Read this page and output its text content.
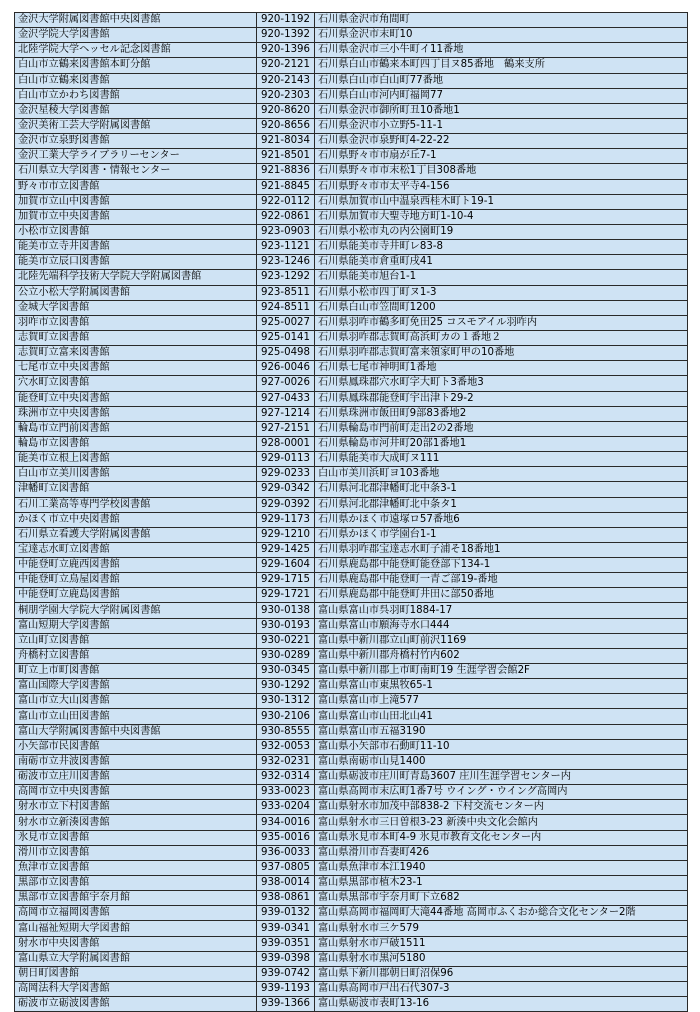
金沢大学附属図書館中央図書館	920-1192	石川県金沢市角間町
金沢学院大学図書館	920-1392	石川県金沢市末町10
北陸学院大学ヘッセル記念図書館	920-1396	石川県金沢市三小牛町イ11番地
白山市立鶴来図書館本町分館	920-2121	石川県白山市鶴来本町四丁目ヌ85番地　鶴来支所
白山市立鶴来図書館	920-2143	石川県白山市白山町77番地
白山市立かわち図書館	920-2303	石川県白山市河内町福岡77
金沢星稜大学図書館	920-8620	石川県金沢市御所町丑10番地1
金沢美術工芸大学附属図書館	920-8656	石川県金沢市小立野5-11-1
金沢市立泉野図書館	921-8034	石川県金沢市泉野町4-22-22
金沢工業大学ライブラリーセンター	921-8501	石川県野々市市扇が丘7-1
石川県立大学図書・情報センター	921-8836	石川県野々市市末松1丁目308番地
野々市市立図書館	921-8845	石川県野々市市太平寺4-156
加賀市立山中図書館	922-0112	石川県加賀市山中温泉西桂木町ト19-1
加賀市立中央図書館	922-0861	石川県加賀市大聖寺地方町1-10-4
小松市立図書館	923-0903	石川県小松市丸の内公園町19
能美市立寺井図書館	923-1121	石川県能美市寺井町レ83-8
能美市立辰口図書館	923-1246	石川県能美市倉重町戌41
北陸先端科学技術大学院大学附属図書館	923-1292	石川県能美市旭台1-1
公立小松大学附属図書館	923-8511	石川県小松市四丁町ヌ1-3
金城大学図書館	924-8511	石川県白山市笠間町1200
羽咋市立図書館	925-0027	石川県羽咋市鶴多町免田25 コスモアイル羽咋内
志賀町立図書館	925-0141	石川県羽咋郡志賀町高浜町カの１番地２
志賀町立富来図書館	925-0498	石川県羽咋郡志賀町富来領家町甲の10番地
七尾市立中央図書館	926-0046	石川県七尾市神明町1番地
穴水町立図書館	927-0026	石川県鳳珠郡穴水町字大町ト3番地3
能登町立中央図書館	927-0433	石川県鳳珠郡能登町宇出津ト29-2
珠洲市立中央図書館	927-1214	石川県珠洲市飯田町9部83番地2
輪島市立門前図書館	927-2151	石川県輪島市門前町走出2の2番地
輪島市立図書館	928-0001	石川県輪島市河井町20部1番地1
能美市立根上図書館	929-0113	石川県能美市大成町ヌ111
白山市立美川図書館	929-0233	白山市美川浜町ヨ103番地
津幡町立図書館	929-0342	石川県河北郡津幡町北中条3-1
石川工業高等専門学校図書館	929-0392	石川県河北郡津幡町北中条タ1
かほく市立中央図書館	929-1173	石川県かほく市遠塚ロ57番地6
石川県立看護大学附属図書館	929-1210	石川県かほく市学園台1-1
宝達志水町立図書館	929-1425	石川県羽咋郡宝達志水町子浦そ18番地1
中能登町立鹿西図書館	929-1604	石川県鹿島郡中能登町能登部下134-1
中能登町立鳥屋図書館	929-1715	石川県鹿島郡中能登町一青ご部19-番地
中能登町立鹿島図書館	929-1721	石川県鹿島郡中能登町井田に部50番地
桐朋学園大学院大学附属図書館	930-0138	富山県富山市呉羽町1884-17
富山短期大学図書館	930-0193	富山県富山市願海寺水口444
立山町立図書館	930-0221	富山県中新川郡立山町前沢1169
舟橋村立図書館	930-0289	富山県中新川郡舟橋村竹内602
町立上市町図書館	930-0345	富山県中新川郡上市町南町19 生涯学習会館2F
富山国際大学図書館	930-1292	富山県富山市東黒牧65-1
富山市立大山図書館	930-1312	富山県富山市上滝577
富山市立山田図書館	930-2106	富山県富山市山田北山41
富山大学附属図書館中央図書館	930-8555	富山県富山市五福3190
小矢部市民図書館	932-0053	富山県小矢部市石動町11-10
南砺市立井波図書館	932-0231	富山県南砺市山見1400
砺波市立庄川図書館	932-0314	富山県砺波市庄川町青島3607 庄川生涯学習センター内
高岡市立中央図書館	933-0023	富山県高岡市末広町1番7号 ウイング・ウイング高岡内
射水市立下村図書館	933-0204	富山県射水市加茂中部838-2 下村交流センター内
射水市立新湊図書館	934-0016	富山県射水市三日曽根3-23 新湊中央文化会館内
氷見市立図書館	935-0016	富山県氷見市本町4-9 氷見市教育文化センター内
滑川市立図書館	936-0033	富山県滑川市吾妻町426
魚津市立図書館	937-0805	富山県魚津市本江1940
黒部市立図書館	938-0014	富山県黒部市植木23-1
黒部市立図書館宇奈月館	938-0861	富山県黒部市宇奈月町下立682
高岡市立福岡図書館	939-0132	富山県高岡市福岡町大滝44番地 高岡市ふくおか総合文化センター2階
富山福祉短期大学図書館	939-0341	富山県射水市三ケ579
射水市中央図書館	939-0351	富山県射水市戸破1511
富山県立大学附属図書館	939-0398	富山県射水市黒河5180
朝日町図書館	939-0742	富山県下新川郡朝日町沼保96
高岡法科大学図書館	939-1193	富山県高岡市戸出石代307-3
砺波市立砺波図書館	939-1366	富山県砺波市表町13-16
